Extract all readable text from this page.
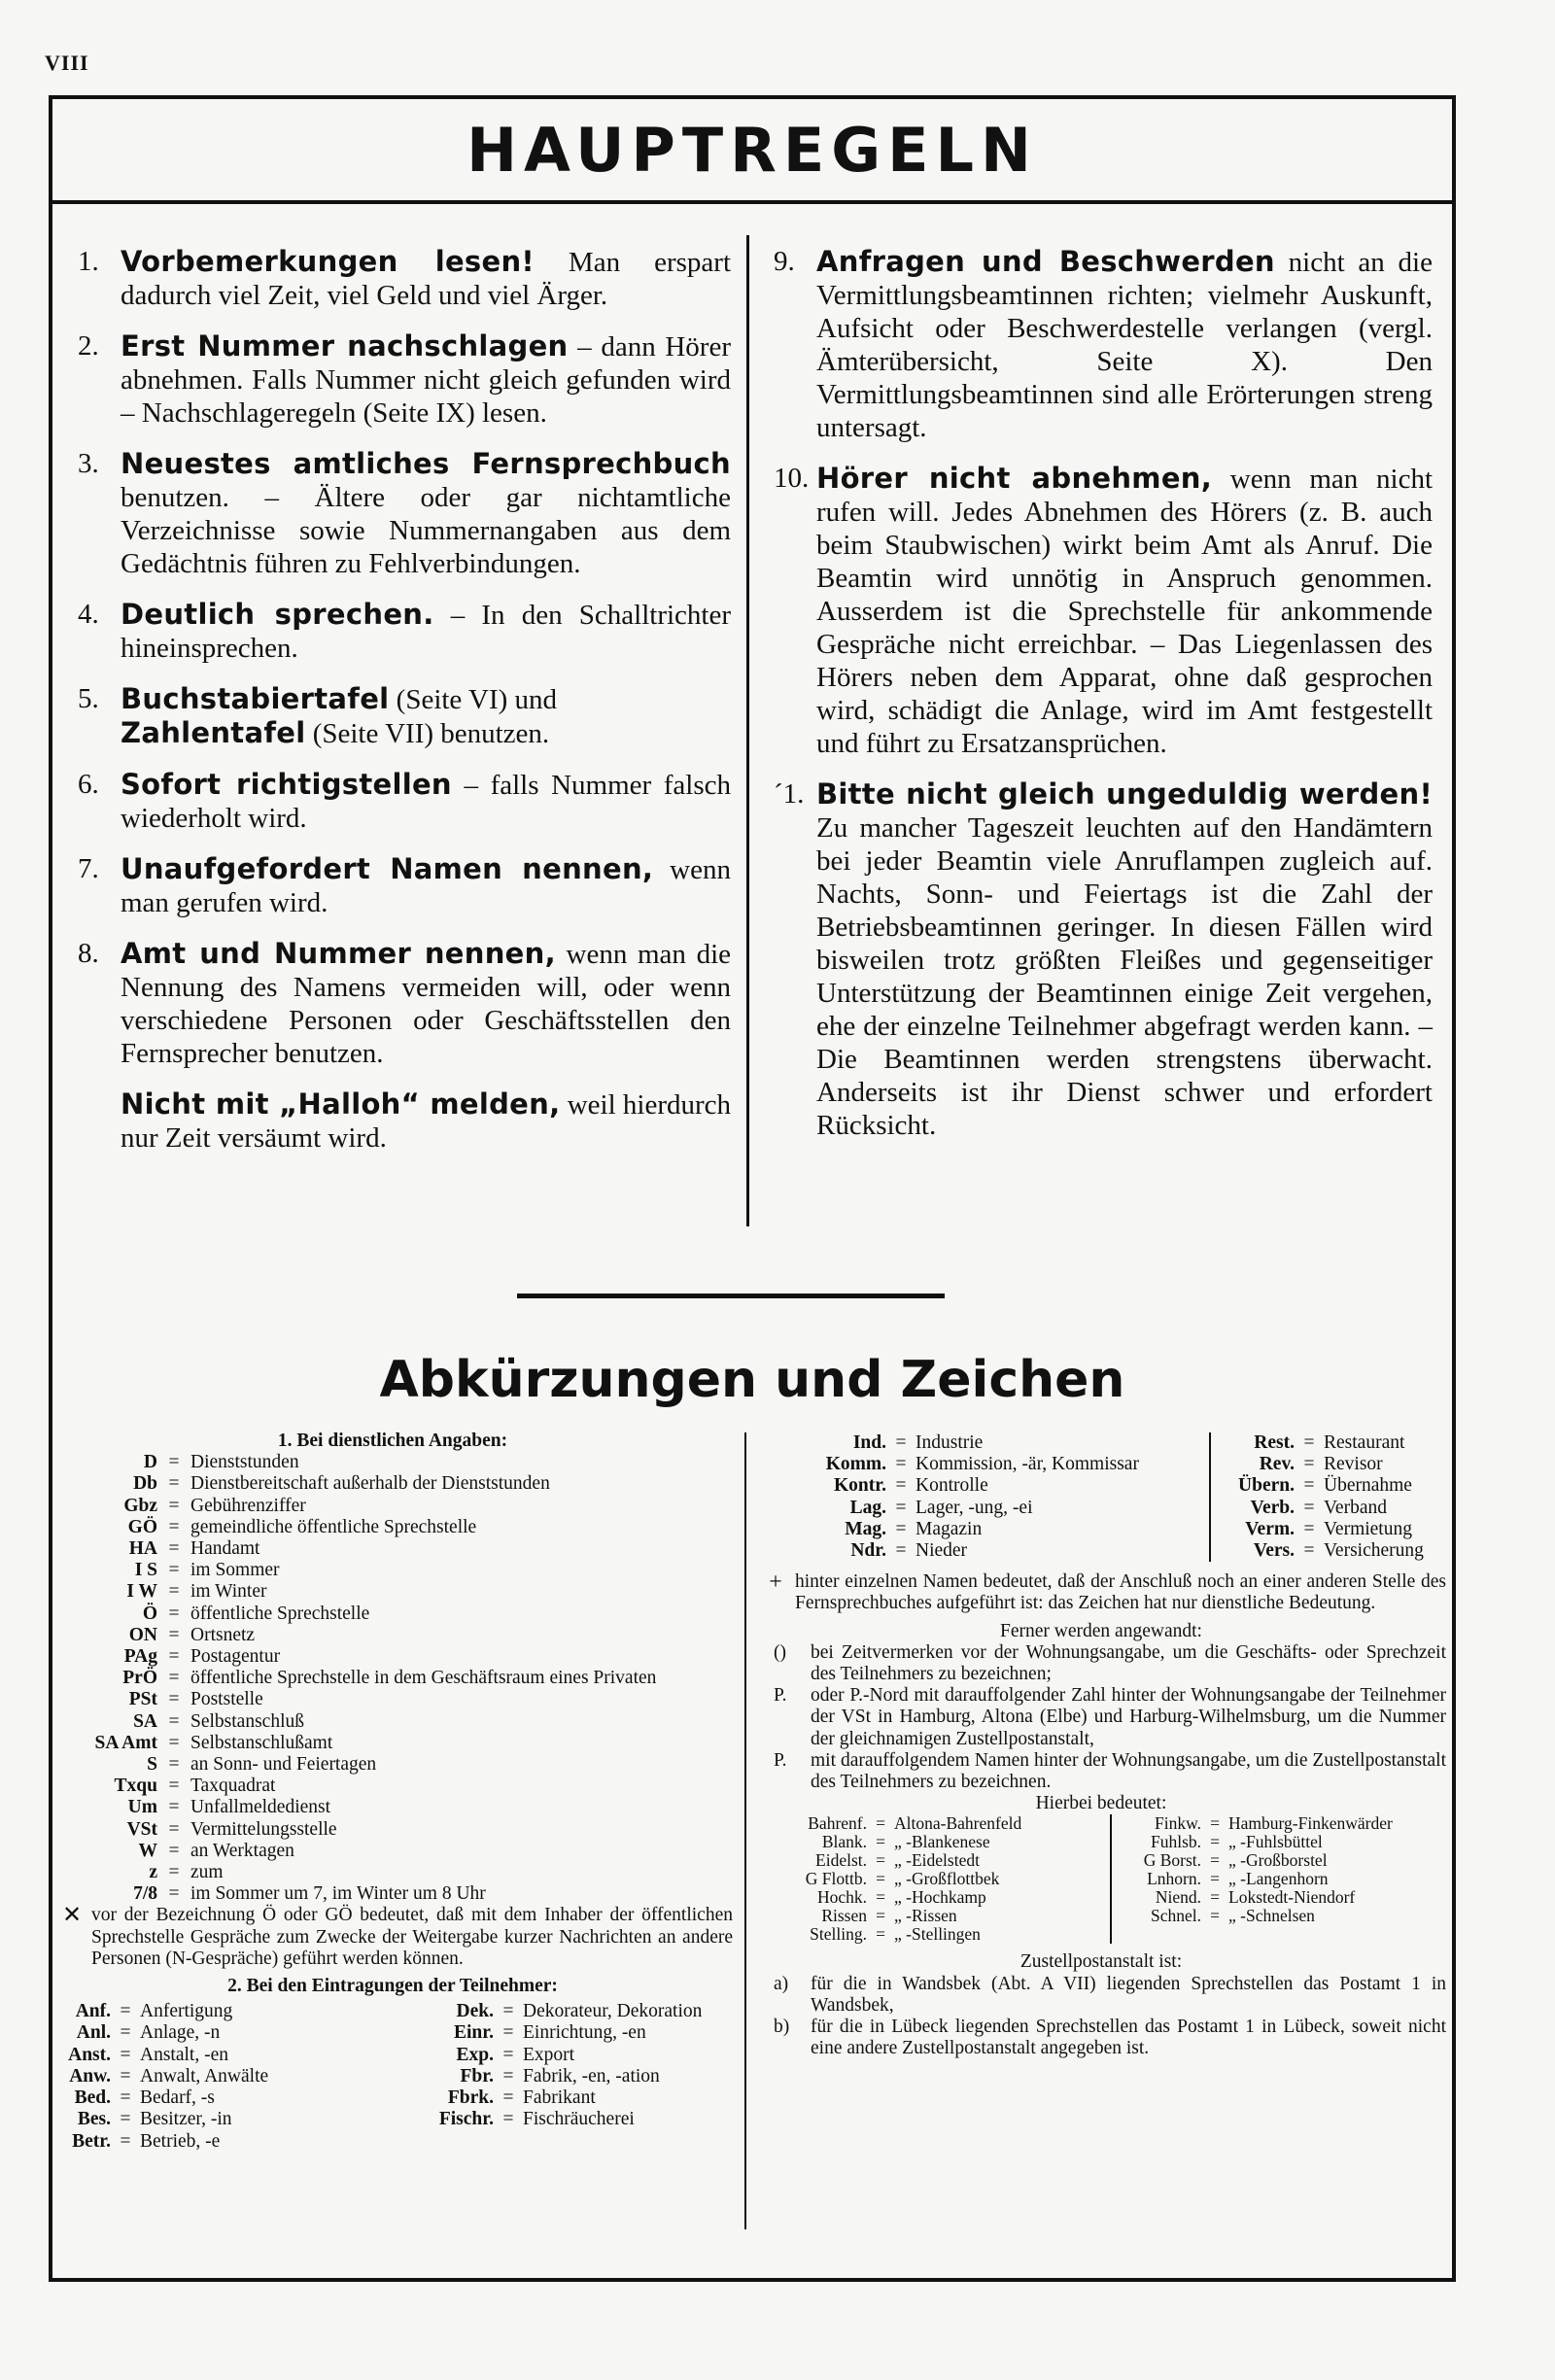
VIII
HAUPTREGELN
1. Vorbemerkungen lesen! Man erspart dadurch viel Zeit, viel Geld und viel Ärger.
2. Erst Nummer nachschlagen – dann Hörer abnehmen. Falls Nummer nicht gleich gefunden wird – Nachschlageregeln (Seite IX) lesen.
3. Neuestes amtliches Fernsprechbuch benutzen. – Ältere oder gar nichtamtliche Verzeichnisse sowie Nummernangaben aus dem Gedächtnis führen zu Fehlverbindungen.
4. Deutlich sprechen. – In den Schalltrichter hineinsprechen.
5. Buchstabiertafel (Seite VI) und
Zahlentafel (Seite VII) benutzen.
6. Sofort richtigstellen – falls Nummer falsch wiederholt wird.
7. Unaufgefordert Namen nennen, wenn man gerufen wird.
8. Amt und Nummer nennen, wenn man die Nennung des Namens vermeiden will, oder wenn verschiedene Personen oder Geschäftsstellen den Fernsprecher benutzen.
Nicht mit „Halloh“ melden, weil hierdurch nur Zeit versäumt wird.
9. Anfragen und Beschwerden nicht an die Vermittlungsbeamtinnen richten; vielmehr Auskunft, Aufsicht oder Beschwerdestelle verlangen (vergl. Ämterübersicht, Seite X). Den Vermittlungsbeamtinnen sind alle Erörterungen streng untersagt.
10. Hörer nicht abnehmen, wenn man nicht rufen will. Jedes Abnehmen des Hörers (z. B. auch beim Staubwischen) wirkt beim Amt als Anruf. Die Beamtin wird unnötig in Anspruch genommen. Ausserdem ist die Sprechstelle für ankommende Gespräche nicht erreichbar. – Das Liegenlassen des Hörers neben dem Apparat, ohne daß gesprochen wird, schädigt die Anlage, wird im Amt festgestellt und führt zu Ersatzansprüchen.
´1. Bitte nicht gleich ungeduldig werden! Zu mancher Tageszeit leuchten auf den Handämtern bei jeder Beamtin viele Anruflampen zugleich auf. Nachts, Sonn- und Feiertags ist die Zahl der Betriebsbeamtinnen geringer. In diesen Fällen wird bisweilen trotz größten Fleißes und gegenseitiger Unterstützung der Beamtinnen einige Zeit vergehen, ehe der einzelne Teilnehmer abgefragt werden kann. – Die Beamtinnen werden strengstens überwacht. Anderseits ist ihr Dienst schwer und erfordert Rücksicht.
Abkürzungen und Zeichen
1. Bei dienstlichen Angaben:
D = Dienststunden
Db = Dienstbereitschaft außerhalb der Dienststunden
Gbz = Gebührenziffer
GÖ = gemeindliche öffentliche Sprechstelle
HA = Handamt
I S = im Sommer
I W = im Winter
Ö = öffentliche Sprechstelle
ON = Ortsnetz
PAg = Postagentur
PrÖ = öffentliche Sprechstelle in dem Geschäftsraum eines Privaten
PSt = Poststelle
SA = Selbstanschluß
SA Amt = Selbstanschlußamt
S = an Sonn- und Feiertagen
Txqu = Taxquadrat
Um = Unfallmeldedienst
VSt = Vermittelungsstelle
W = an Werktagen
z = zum
7/8 = im Sommer um 7, im Winter um 8 Uhr
✕ vor der Bezeichnung Ö oder GÖ bedeutet, daß mit dem Inhaber der öffentlichen Sprechstelle Gespräche zum Zwecke der Weitergabe kurzer Nachrichten an andere Personen (N-Gespräche) geführt werden können.
2. Bei den Eintragungen der Teilnehmer:
Anf. = Anfertigung
Anl. = Anlage, -n
Anst. = Anstalt, -en
Anw. = Anwalt, Anwälte
Bed. = Bedarf, -s
Bes. = Besitzer, -in
Betr. = Betrieb, -e
Dek. = Dekorateur, Dekoration
Einr. = Einrichtung, -en
Exp. = Export
Fbr. = Fabrik, -en, -ation
Fbrk. = Fabrikant
Fischr. = Fischräucherei
Ind. = Industrie
Komm. = Kommission, -är, Kommissar
Kontr. = Kontrolle
Lag. = Lager, -ung, -ei
Mag. = Magazin
Ndr. = Nieder
Rest. = Restaurant
Rev. = Revisor
Übern. = Übernahme
Verb. = Verband
Verm. = Vermietung
Vers. = Versicherung
+ hinter einzelnen Namen bedeutet, daß der Anschluß noch an einer anderen Stelle des Fernsprechbuches aufgeführt ist: das Zeichen hat nur dienstliche Bedeutung.
Ferner werden angewandt:
()	bei Zeitvermerken vor der Wohnungsangabe, um die Geschäfts- oder Sprechzeit des Teilnehmers zu bezeichnen;
P.	oder P.-Nord mit darauffolgender Zahl hinter der Wohnungsangabe der Teilnehmer der VSt in Hamburg, Altona (Elbe) und Harburg-Wilhelmsburg, um die Nummer der gleichnamigen Zustellpostanstalt,
P.	mit darauffolgendem Namen hinter der Wohnungsangabe, um die Zustellpostanstalt des Teilnehmers zu bezeichnen.
Hierbei bedeutet:
Bahrenf. = Altona-Bahrenfeld
Blank. = „ -Blankenese
Eidelst. = „ -Eidelstedt
G Flottb. = „ -Großflottbek
Hochk. = „ -Hochkamp
Rissen = „ -Rissen
Stelling. = „ -Stellingen
Finkw. = Hamburg-Finkenwärder
Fuhlsb. = „ -Fuhlsbüttel
G Borst. = „ -Großborstel
Lnhorn. = „ -Langenhorn
Niend. = Lokstedt-Niendorf
Schnel. = „ -Schnelsen
Zustellpostanstalt ist:
a)	für die in Wandsbek (Abt. A VII) liegenden Sprechstellen das Postamt 1 in Wandsbek,
b)	für die in Lübeck liegenden Sprechstellen das Postamt 1 in Lübeck, soweit nicht eine andere Zustellpostanstalt angegeben ist.
